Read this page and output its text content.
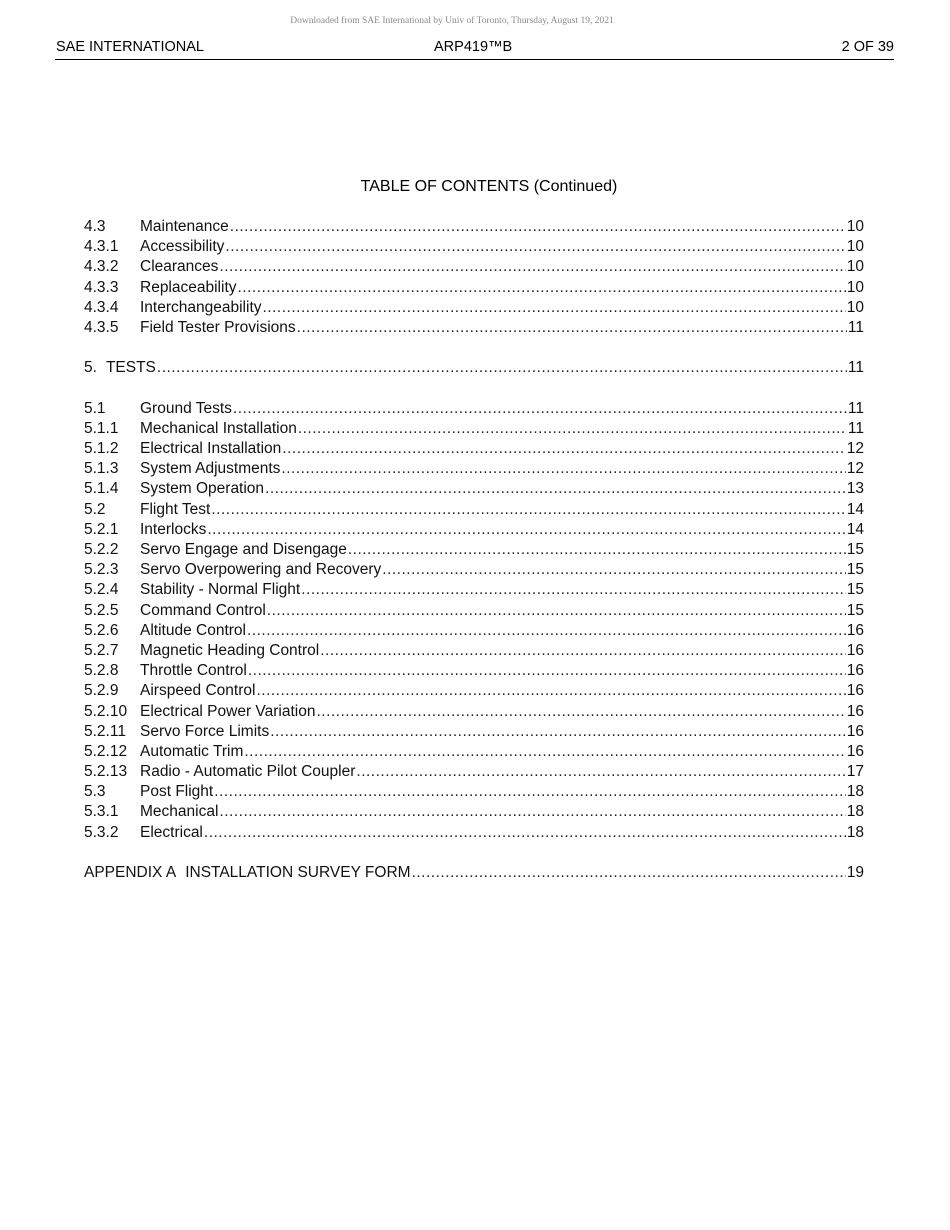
Downloaded from SAE International by Univ of Toronto, Thursday, August 19, 2021
SAE INTERNATIONAL	ARP419™B	2 OF 39
TABLE OF CONTENTS (Continued)
4.3	Maintenance .....	10
4.3.1	Accessibility .....	10
4.3.2	Clearances .....	10
4.3.3	Replaceability .....	10
4.3.4	Interchangeability .....	10
4.3.5	Field Tester Provisions .....	11
5. TESTS .....	11
5.1	Ground Tests .....	11
5.1.1	Mechanical Installation .....	11
5.1.2	Electrical Installation .....	12
5.1.3	System Adjustments .....	12
5.1.4	System Operation .....	13
5.2	Flight Test .....	14
5.2.1	Interlocks .....	14
5.2.2	Servo Engage and Disengage .....	15
5.2.3	Servo Overpowering and Recovery .....	15
5.2.4	Stability - Normal Flight .....	15
5.2.5	Command Control .....	15
5.2.6	Altitude Control .....	16
5.2.7	Magnetic Heading Control .....	16
5.2.8	Throttle Control .....	16
5.2.9	Airspeed Control .....	16
5.2.10 Electrical Power Variation .....	16
5.2.11 Servo Force Limits .....	16
5.2.12 Automatic Trim .....	16
5.2.13 Radio - Automatic Pilot Coupler .....	17
5.3	Post Flight .....	18
5.3.1	Mechanical .....	18
5.3.2	Electrical .....	18
APPENDIX A INSTALLATION SURVEY FORM .....	19
